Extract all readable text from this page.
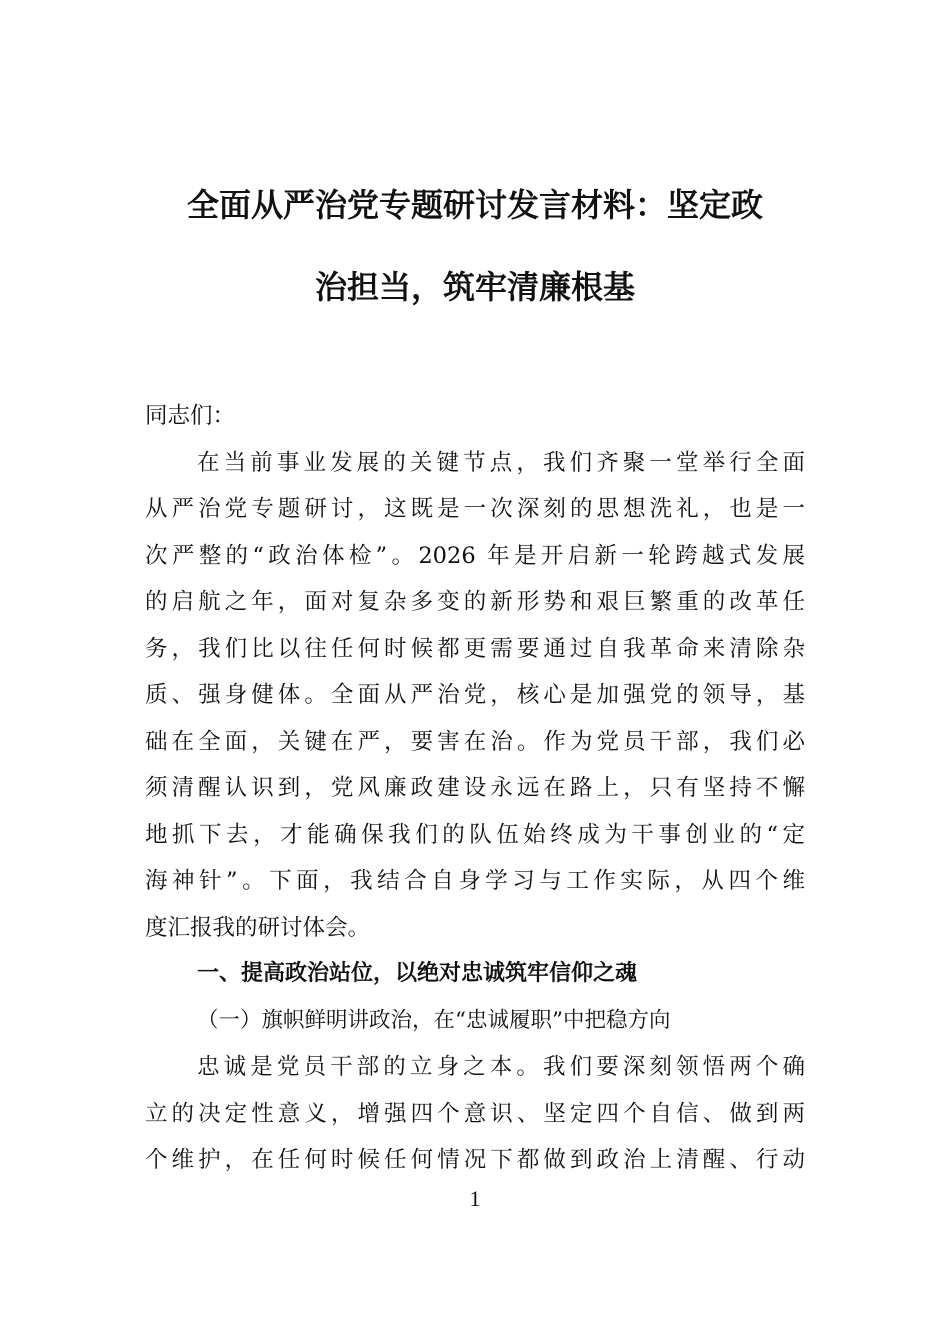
全面从严治党专题研讨发言材料：坚定政
治担当，筑牢清廉根基

同志们：

在当前事业发展的关键节点，我们齐聚一堂举行全面
从严治党专题研讨，这既是一次深刻的思想洗礼，也是一
次严整的“政治体检”。2026 年是开启新一轮跨越式发展
的启航之年，面对复杂多变的新形势和艰巨繁重的改革任
务，我们比以往任何时候都更需要通过自我革命来清除杂
质、强身健体。全面从严治党，核心是加强党的领导，基
础在全面，关键在严，要害在治。作为党员干部，我们必
须清醒认识到，党风廉政建设永远在路上，只有坚持不懈
地抓下去，才能确保我们的队伍始终成为干事创业的“定
海神针”。下面，我结合自身学习与工作实际，从四个维
度汇报我的研讨体会。

一、提高政治站位，以绝对忠诚筑牢信仰之魂

（一）旗帜鲜明讲政治，在“忠诚履职”中把稳方向

忠诚是党员干部的立身之本。我们要深刻领悟两个确
立的决定性意义，增强四个意识、坚定四个自信、做到两
个维护，在任何时候任何情况下都做到政治上清醒、行动

1
